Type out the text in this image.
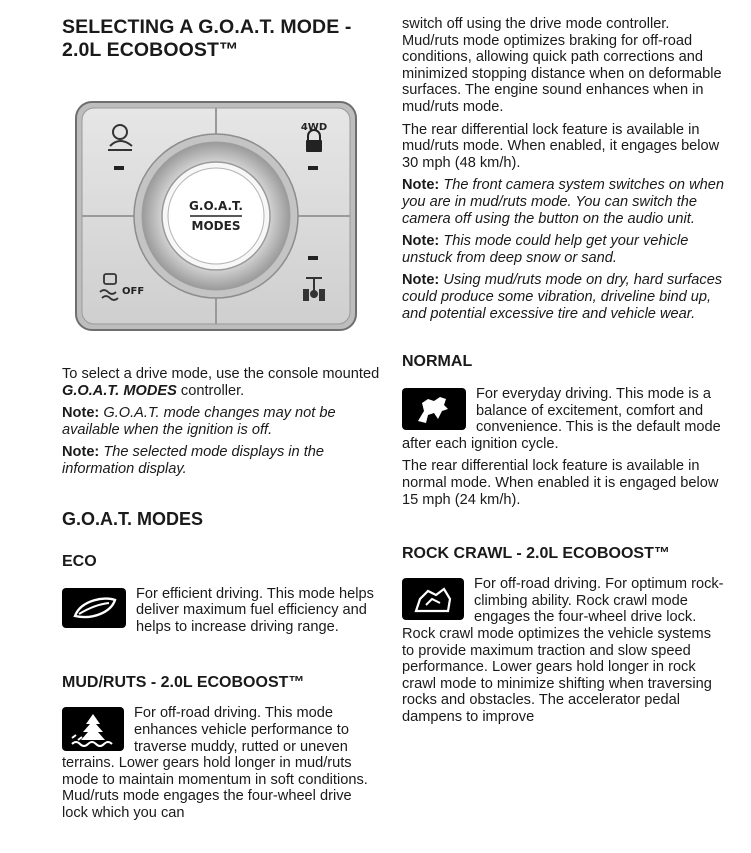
SELECTING A G.O.A.T. MODE - 2.0L ECOBOOST™
G.O.A.T.
MODES
4WD
OFF

To select a drive mode, use the console mounted G.O.A.T. MODES controller.

Note: G.O.A.T. mode changes may not be available when the ignition is off.

Note: The selected mode displays in the information display.

G.O.A.T. MODES
ECO

For efficient driving. This mode helps deliver maximum fuel efficiency and helps to increase driving range.

MUD/RUTS - 2.0L ECOBOOST™

For off-road driving. This mode enhances vehicle performance to traverse muddy, rutted or uneven terrains. Lower gears hold longer in mud/ruts mode to maintain momentum in soft conditions. Mud/ruts mode engages the four-wheel drive lock which you can

switch off using the drive mode controller. Mud/ruts mode optimizes braking for off-road conditions, allowing quick path corrections and minimized stopping distance when on deformable surfaces. The engine sound enhances when in mud/ruts mode.

The rear differential lock feature is available in mud/ruts mode. When enabled, it engages below 30 mph (48 km/h).

Note: The front camera system switches on when you are in mud/ruts mode. You can switch the camera off using the button on the audio unit.

Note: This mode could help get your vehicle unstuck from deep snow or sand.

Note: Using mud/ruts mode on dry, hard surfaces could produce some vibration, driveline bind up, and potential excessive tire and vehicle wear.

NORMAL

For everyday driving. This mode is a balance of excitement, comfort and convenience. This is the default mode after each ignition cycle.

The rear differential lock feature is available in normal mode. When enabled it is engaged below 15 mph (24 km/h).

ROCK CRAWL - 2.0L ECOBOOST™

For off-road driving. For optimum rock-climbing ability. Rock crawl mode engages the four-wheel drive lock. Rock crawl mode optimizes the vehicle systems to provide maximum traction and slow speed performance. Lower gears hold longer in rock crawl mode to minimize shifting when traversing rocks and obstacles. The accelerator pedal dampens to improve
